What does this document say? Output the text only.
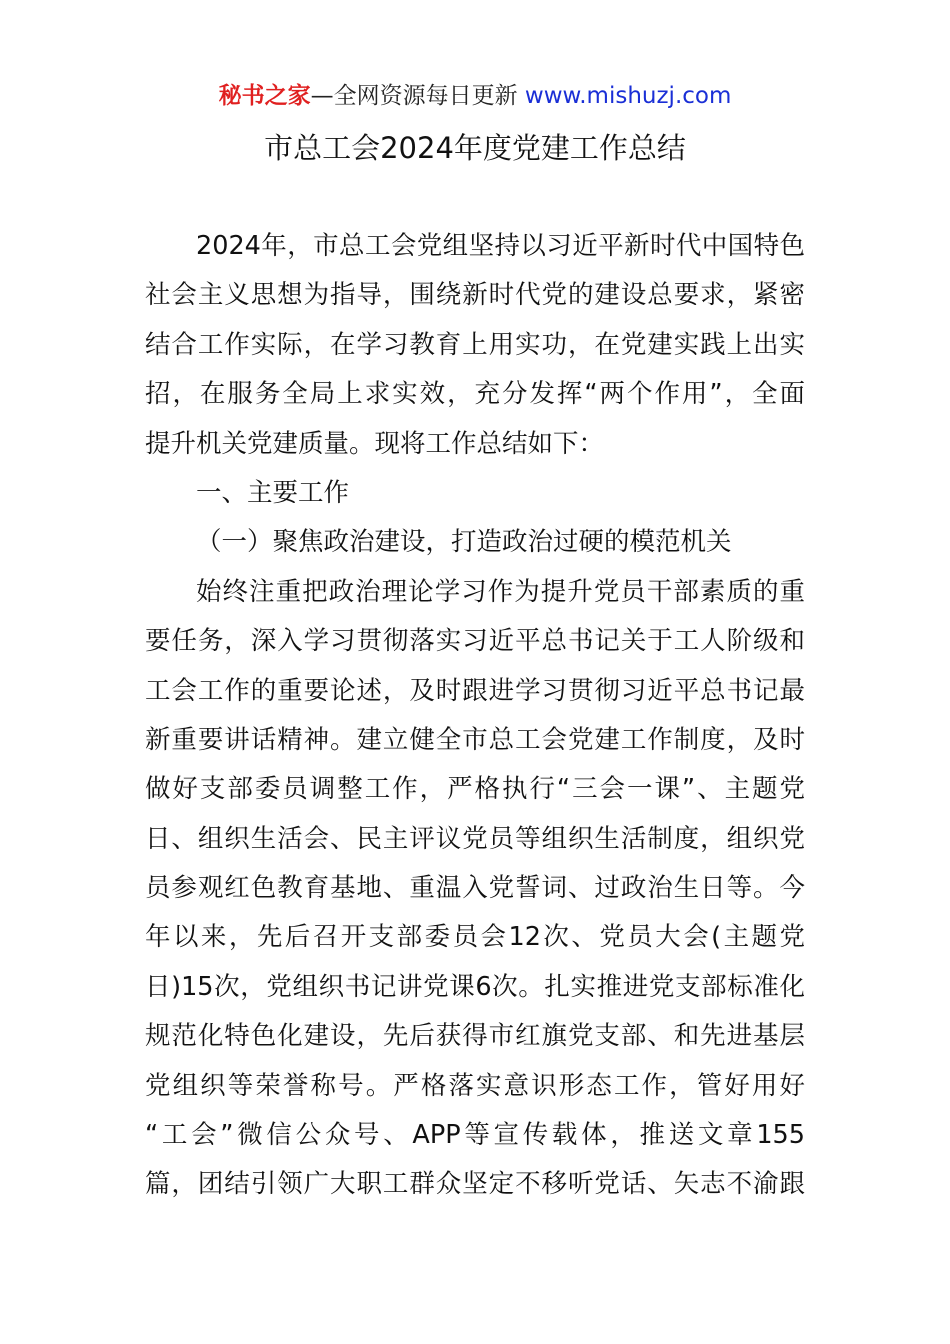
秘书之家—全网资源每日更新 www.mishuzj.com
市总工会2024年度党建工作总结
2024年，市总工会党组坚持以习近平新时代中国特色
社会主义思想为指导，围绕新时代党的建设总要求，紧密
结合工作实际，在学习教育上用实功，在党建实践上出实
招，在服务全局上求实效，充分发挥“两个作用”，全面
提升机关党建质量。现将工作总结如下：
一、主要工作
（一）聚焦政治建设，打造政治过硬的模范机关
始终注重把政治理论学习作为提升党员干部素质的重
要任务，深入学习贯彻落实习近平总书记关于工人阶级和
工会工作的重要论述，及时跟进学习贯彻习近平总书记最
新重要讲话精神。建立健全市总工会党建工作制度，及时
做好支部委员调整工作，严格执行“三会一课”、主题党
日、组织生活会、民主评议党员等组织生活制度，组织党
员参观红色教育基地、重温入党誓词、过政治生日等。今
年以来，先后召开支部委员会12次、党员大会(主题党
日)15次，党组织书记讲党课6次。扎实推进党支部标准化
规范化特色化建设，先后获得市红旗党支部、和先进基层
党组织等荣誉称号。严格落实意识形态工作，管好用好
“工会”微信公众号、APP等宣传载体，推送文章155
篇，团结引领广大职工群众坚定不移听党话、矢志不渝跟
